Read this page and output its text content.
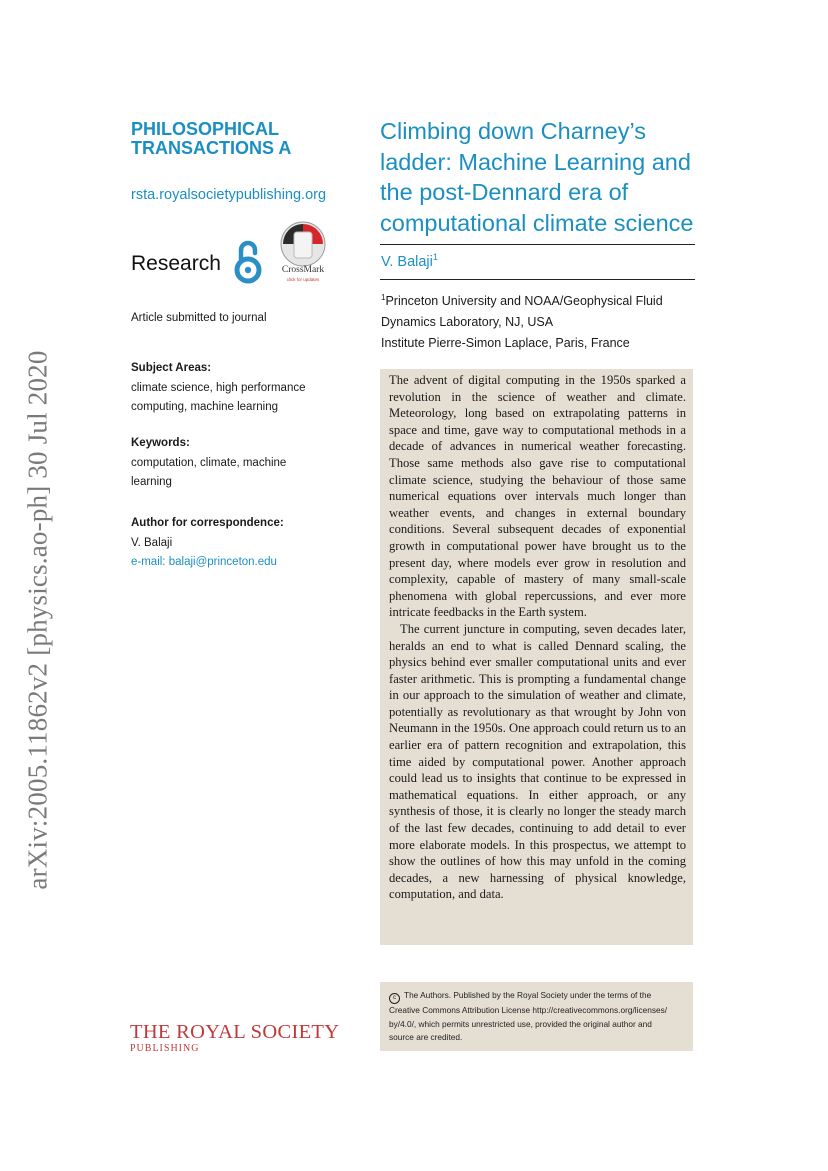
arXiv:2005.11862v2 [physics.ao-ph] 30 Jul 2020
PHILOSOPHICAL
TRANSACTIONS A
rsta.royalsocietypublishing.org
Research	CrossMark
click for updates
Article submitted to journal
Subject Areas:
climate science, high performance
computing, machine learning
Keywords:
computation, climate, machine
learning
Author for correspondence:
V. Balaji
e-mail: balaji@princeton.edu
THE ROYAL SOCIETY
PUBLISHING
Climbing down Charney’s
ladder: Machine Learning and
the post-Dennard era of
computational climate science
V. Balaji$^1$
$^1$Princeton University and NOAA/Geophysical Fluid
Dynamics Laboratory, NJ, USA
Institute Pierre-Simon Laplace, Paris, France

The advent of digital computing in the 1950s sparked a revolution in the science of weather and climate. Meteorology, long based on extrapolating patterns in space and time, gave way to computational methods in a decade of advances in numerical weather forecasting. Those same methods also gave rise to computational climate science, studying the behaviour of those same numerical equations over intervals much longer than weather events, and changes in external boundary conditions. Several subsequent decades of exponential growth in computational power have brought us to the present day, where models ever grow in resolution and complexity, capable of mastery of many small-scale phenomena with global repercussions, and ever more intricate feedbacks in the Earth system.

The current juncture in computing, seven decades later, heralds an end to what is called Dennard scaling, the physics behind ever smaller computational units and ever faster arithmetic. This is prompting a fundamental change in our approach to the simulation of weather and climate, potentially as revolutionary as that wrought by John von Neumann in the 1950s. One approach could return us to an earlier era of pattern recognition and extrapolation, this time aided by computational power. Another approach could lead us to insights that continue to be expressed in mathematical equations. In either approach, or any synthesis of those, it is clearly no longer the steady march of the last few decades, continuing to add detail to ever more elaborate models. In this prospectus, we attempt to show the outlines of how this may unfold in the coming decades, a new harnessing of physical knowledge, computation, and data.

c The Authors. Published by the Royal Society under the terms of the
Creative Commons Attribution License http://creativecommons.org/licenses/
by/4.0/, which permits unrestricted use, provided the original author and
source are credited.
